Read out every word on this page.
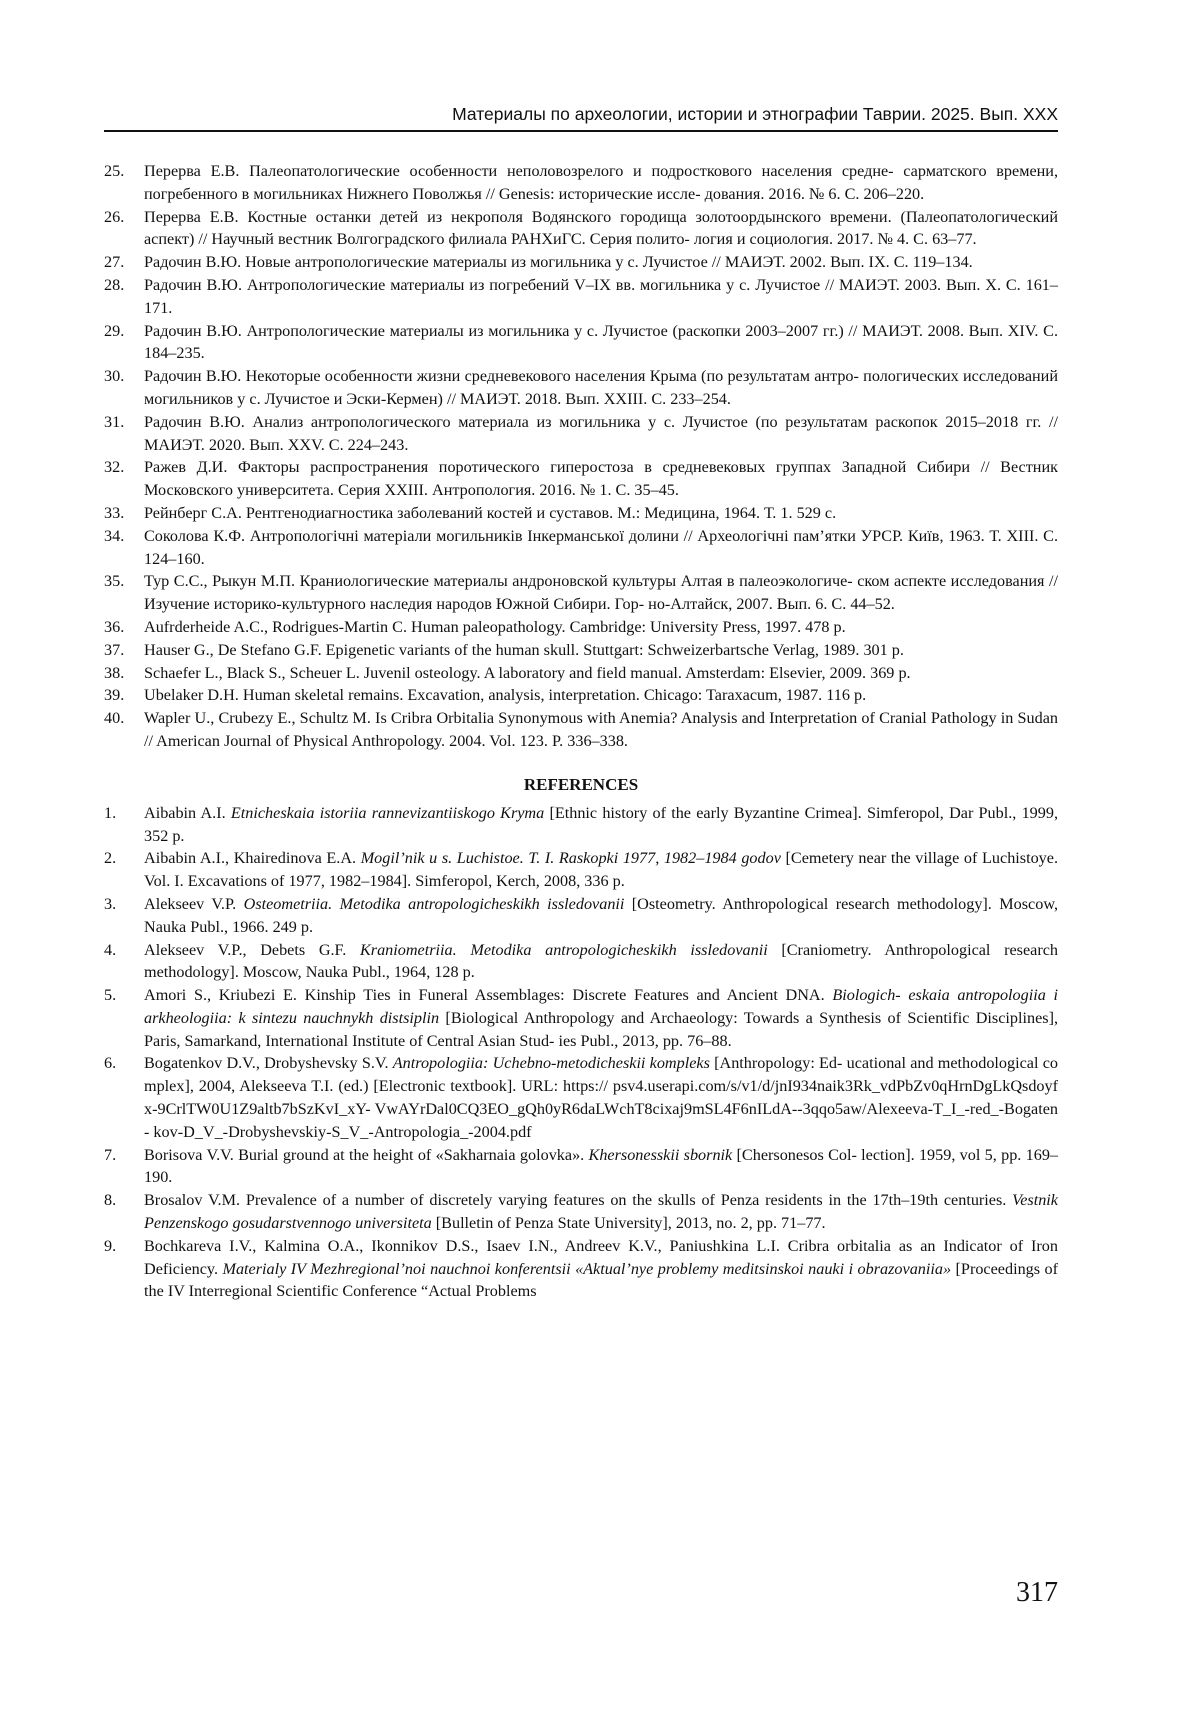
Материалы по археологии, истории и этнографии Таврии. 2025. Вып. XXX
25.	Перерва Е.В. Палеопатологические особенности неполовозрелого и подросткового населения средне- сарматского времени, погребенного в могильниках Нижнего Поволжья // Genesis: исторические иссле- дования. 2016. № 6. С. 206–220.
26.	Перерва Е.В. Костные останки детей из некрополя Водянского городища золотоордынского времени. (Палеопатологический аспект) // Научный вестник Волгоградского филиала РАНХиГС. Серия полито- логия и социология. 2017. № 4. С. 63–77.
27.	Радочин В.Ю. Новые антропологические материалы из могильника у с. Лучистое // МАИЭТ. 2002. Вып. IX. С. 119–134.
28.	Радочин В.Ю. Антропологические материалы из погребений V–IX вв. могильника у с. Лучистое // МАИЭТ. 2003. Вып. X. С. 161–171.
29.	Радочин В.Ю. Антропологические материалы из могильника у с. Лучистое (раскопки 2003–2007 гг.) // МАИЭТ. 2008. Вып. XIV. С. 184–235.
30.	Радочин В.Ю. Некоторые особенности жизни средневекового населения Крыма (по результатам антро- пологических исследований могильников у с. Лучистое и Эски-Кермен) // МАИЭТ. 2018. Вып. XXIII. С. 233–254.
31.	Радочин В.Ю. Анализ антропологического материала из могильника у с. Лучистое (по результатам раскопок 2015–2018 гг. // МАИЭТ. 2020. Вып. XXV. С. 224–243.
32.	Ражев Д.И. Факторы распространения поротического гиперостоза в средневековых группах Западной Сибири // Вестник Московского университета. Серия XXIII. Антропология. 2016. № 1. С. 35–45.
33.	Рейнберг С.А. Рентгенодиагностика заболеваний костей и суставов. М.: Медицина, 1964. Т. 1. 529 с.
34.	Соколова К.Ф. Антропологічні матеріали могильників Інкерманської долини // Археологічні пам’ятки УРСР. Київ, 1963. Т. XIII. С. 124–160.
35.	Тур С.С., Рыкун М.П. Краниологические материалы андроновской культуры Алтая в палеоэкологиче- ском аспекте исследования // Изучение историко-культурного наследия народов Южной Сибири. Гор- но-Алтайск, 2007. Вып. 6. С. 44–52.
36.	Aufrderheide A.C., Rodrigues-Martin C. Human paleopathology. Cambridge: University Press, 1997. 478 p.
37.	Hauser G., De Stefano G.F. Epigenetic variants of the human skull. Stuttgart: Schweizerbartsche Verlag, 1989. 301 p.
38.	Schaefer L., Black S., Scheuer L. Juvenil osteology. A laboratory and field manual. Amsterdam: Elsevier, 2009. 369 p.
39.	Ubelaker D.H. Human skeletal remains. Excavation, analysis, interpretation. Chicago: Taraxacum, 1987. 116 p.
40.	Wapler U., Crubezy E., Schultz M. Is Cribra Orbitalia Synonymous with Anemia? Analysis and Interpretation of Cranial Pathology in Sudan // American Journal of Physical Anthropology. 2004. Vol. 123. P. 336–338.
REFERENCES
1.	Aibabin A.I. Etnicheskaia istoriia rannevizantiiskogo Kryma [Ethnic history of the early Byzantine Crimea]. Simferopol, Dar Publ., 1999, 352 p.
2.	Aibabin A.I., Khairedinova E.A. Mogil’nik u s. Luchistoe. T. I. Raskopki 1977, 1982–1984 godov [Cemetery near the village of Luchistoye. Vol. I. Excavations of 1977, 1982–1984]. Simferopol, Kerch, 2008, 336 p.
3.	Alekseev V.P. Osteometriia. Metodika antropologicheskikh issledovanii [Osteometry. Anthropological research methodology]. Moscow, Nauka Publ., 1966. 249 p.
4.	Alekseev V.P., Debets G.F. Kraniometriia. Metodika antropologicheskikh issledovanii [Craniometry. Anthropological research methodology]. Moscow, Nauka Publ., 1964, 128 p.
5.	Amori S., Kriubezi E. Kinship Ties in Funeral Assemblages: Discrete Features and Ancient DNA. Biologich- eskaia antropologiia i arkheologiia: k sintezu nauchnykh distsiplin [Biological Anthropology and Archaeology: Towards a Synthesis of Scientific Disciplines], Paris, Samarkand, International Institute of Central Asian Stud- ies Publ., 2013, pp. 76–88.
6.	Bogatenkov D.V., Drobyshevsky S.V. Antropologiia: Uchebno-metodicheskii kompleks [Anthropology: Ed- ucational and methodological complex], 2004, Alekseeva T.I. (ed.) [Electronic textbook]. URL: https:// psv4.userapi.com/s/v1/d/jnI934naik3Rk_vdPbZv0qHrnDgLkQsdoyfx-9CrlTW0U1Z9altb7bSzKvI_xY- VwAYrDal0CQ3EO_gQh0yR6daLWchT8cixaj9mSL4F6nILdA--3qqo5aw/Alexeeva-T_I_-red_-Bogaten- kov-D_V_-Drobyshevskiy-S_V_-Antropologia_-2004.pdf
7.	Borisova V.V. Burial ground at the height of «Sakharnaia golovka». Khersonesskii sbornik [Chersonesos Col- lection]. 1959, vol 5, pp. 169–190.
8.	Brosalov V.M. Prevalence of a number of discretely varying features on the skulls of Penza residents in the 17th–19th centuries. Vestnik Penzenskogo gosudarstvennogo universiteta [Bulletin of Penza State University], 2013, no. 2, pp. 71–77.
9.	Bochkareva I.V., Kalmina O.A., Ikonnikov D.S., Isaev I.N., Andreev K.V., Paniushkina L.I. Cribra orbitalia as an Indicator of Iron Deficiency. Materialy IV Mezhregional’noi nauchnoi konferentsii «Aktual’nye problemy meditsinskoi nauki i obrazovaniia» [Proceedings of the IV Interregional Scientific Conference “Actual Problems
317
